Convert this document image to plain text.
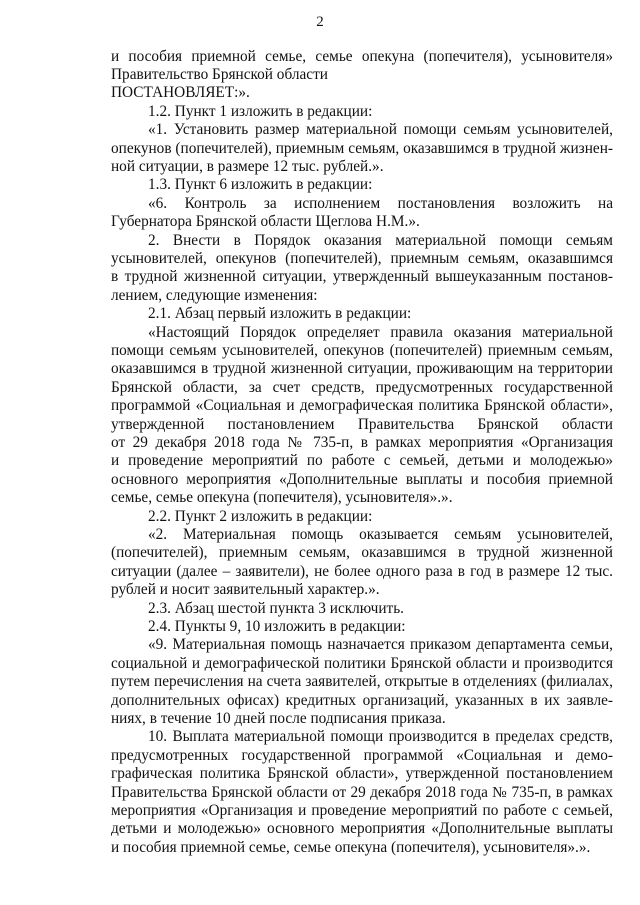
2
и пособия приемной семье, семье опекуна (попечителя), усыновителя»
Правительство Брянской области
ПОСТАНОВЛЯЕТ:».
1.2. Пункт 1 изложить в редакции:
«1. Установить размер материальной помощи семьям усыновителей,
опекунов (попечителей), приемным семьям, оказавшимся в трудной жизнен-
ной ситуации, в размере 12 тыс. рублей.».
1.3. Пункт 6 изложить в редакции:
«6. Контроль за исполнением постановления возложить на
Губернатора Брянской области Щеглова Н.М.».
2. Внести в Порядок оказания материальной помощи семьям
усыновителей, опекунов (попечителей), приемным семьям, оказавшимся
в трудной жизненной ситуации, утвержденный вышеуказанным постанов-
лением, следующие изменения:
2.1. Абзац первый изложить в редакции:
«Настоящий Порядок определяет правила оказания материальной
помощи семьям усыновителей, опекунов (попечителей) приемным семьям,
оказавшимся в трудной жизненной ситуации, проживающим на территории
Брянской области, за счет средств, предусмотренных государственной
программой «Социальная и демографическая политика Брянской области»,
утвержденной постановлением Правительства Брянской области
от 29 декабря 2018 года № 735-п, в рамках мероприятия «Организация
и проведение мероприятий по работе с семьей, детьми и молодежью»
основного мероприятия «Дополнительные выплаты и пособия приемной
семье, семье опекуна (попечителя), усыновителя».».
2.2. Пункт 2 изложить в редакции:
«2. Материальная помощь оказывается семьям усыновителей,
(попечителей), приемным семьям, оказавшимся в трудной жизненной
ситуации (далее – заявители), не более одного раза в год в размере 12 тыс.
рублей и носит заявительный характер.».
2.3. Абзац шестой пункта 3 исключить.
2.4. Пункты 9, 10 изложить в редакции:
«9. Материальная помощь назначается приказом департамента семьи,
социальной и демографической политики Брянской области и производится
путем перечисления на счета заявителей, открытые в отделениях (филиалах,
дополнительных офисах) кредитных организаций, указанных в их заявле-
ниях, в течение 10 дней после подписания приказа.
10. Выплата материальной помощи производится в пределах средств,
предусмотренных государственной программой «Социальная и демо-
графическая политика Брянской области», утвержденной постановлением
Правительства Брянской области от 29 декабря 2018 года № 735-п, в рамках
мероприятия «Организация и проведение мероприятий по работе с семьей,
детьми и молодежью» основного мероприятия «Дополнительные выплаты
и пособия приемной семье, семье опекуна (попечителя), усыновителя».».
